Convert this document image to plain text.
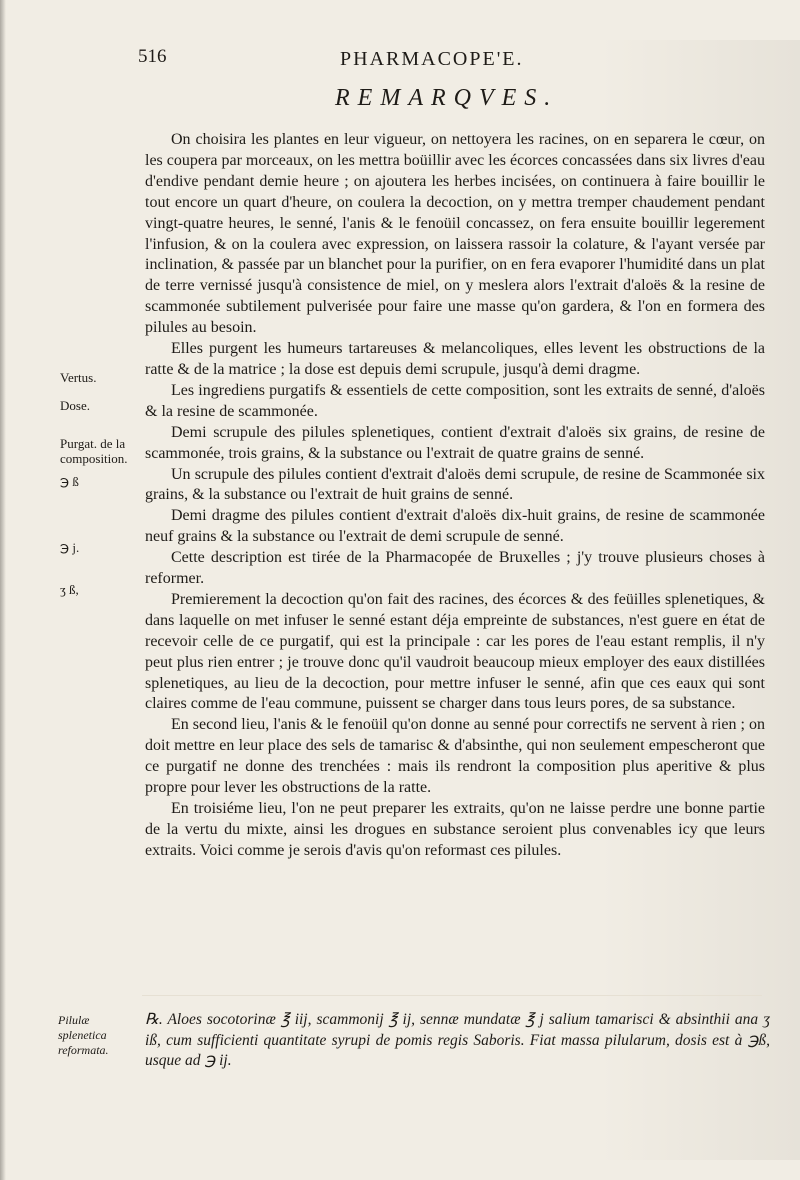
516	PHARMACOPE'E.
REMARQVES.

On choisira les plantes en leur vigueur, on nettoyera les racines, on en separera le cœur, on les coupera par morceaux, on les mettra boüillir avec les écorces concassées dans six livres d'eau d'endive pendant demie heure ; on ajoutera les herbes incisées, on continuera à faire bouillir le tout encore un quart d'heure, on coulera la decoction, on y mettra tremper chaudement pendant vingt-quatre heures, le senné, l'anis & le fenoüil concassez, on fera ensuite bouillir legerement l'infusion, & on la coulera avec expression, on laissera rassoir la colature, & l'ayant versée par inclination, & passée par un blanchet pour la purifier, on en fera evaporer l'humidité dans un plat de terre vernissé jusqu'à consistence de miel, on y meslera alors l'extrait d'aloës & la resine de scammonée subtilement pulverisée pour faire une masse qu'on gardera, & l'on en formera des pilules au besoin.

Elles purgent les humeurs tartareuses & melancoliques, elles levent les obstructions de la ratte & de la matrice ; la dose est depuis demi scrupule, jusqu'à demi dragme.

Les ingrediens purgatifs & essentiels de cette composition, sont les extraits de senné, d'aloës & la resine de scammonée.

Demi scrupule des pilules splenetiques, contient d'extrait d'aloës six grains, de resine de scammonée, trois grains, & la substance ou l'extrait de quatre grains de senné.

Un scrupule des pilules contient d'extrait d'aloës demi scrupule, de resine de Scammonée six grains, & la substance ou l'extrait de huit grains de senné.

Demi dragme des pilules contient d'extrait d'aloës dix-huit grains, de resine de scammonée neuf grains & la substance ou l'extrait de demi scrupule de senné.

Cette description est tirée de la Pharmacopée de Bruxelles ; j'y trouve plusieurs choses à reformer.

Premierement la decoction qu'on fait des racines, des écorces & des feüilles splenetiques, & dans laquelle on met infuser le senné estant déja empreinte de substances, n'est guere en état de recevoir celle de ce purgatif, qui est la principale : car les pores de l'eau estant remplis, il n'y peut plus rien entrer ; je trouve donc qu'il vaudroit beaucoup mieux employer des eaux distillées splenetiques, au lieu de la decoction, pour mettre infuser le senné, afin que ces eaux qui sont claires comme de l'eau commune, puissent se charger dans tous leurs pores, de sa substance.

En second lieu, l'anis & le fenoüil qu'on donne au senné pour correctifs ne servent à rien ; on doit mettre en leur place des sels de tamarisc & d'absinthe, qui non seulement empescheront que ce purgatif ne donne des trenchées : mais ils rendront la composition plus aperitive & plus propre pour lever les obstructions de la ratte.

En troisiéme lieu, l'on ne peut preparer les extraits, qu'on ne laisse perdre une bonne partie de la vertu du mixte, ainsi les drogues en substance seroient plus convenables icy que leurs extraits. Voici comme je serois d'avis qu'on reformast ces pilules.

Vertus.
Dose.
Purgat. de la composition.
℈ ß
℈ j.
ʒ ß,
Pilulæ splenetica reformata.
℞. Aloes socotorinæ ℥ iij, scammonij ℥ ij, sennæ mundatæ ℥ j salium tamarisci & absinthii ana ʒ iß, cum sufficienti quantitate syrupi de pomis regis Saboris. Fiat massa pilularum, dosis est à ℈ß, usque ad ℈ ij.
